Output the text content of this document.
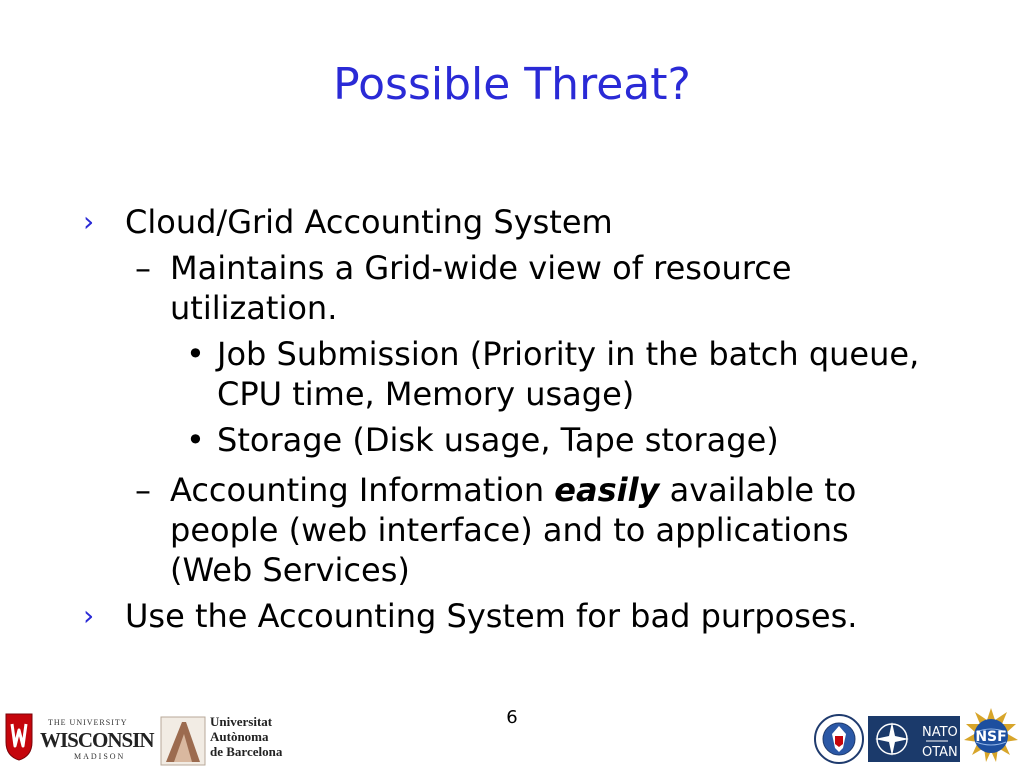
Possible Threat?
› Cloud/Grid Accounting System
– Maintains a Grid-wide view of resource utilization.
• Job Submission (Priority in the batch queue, CPU time, Memory usage)
• Storage (Disk usage, Tape storage)
– Accounting Information easily available to people (web interface) and to applications (Web Services)
› Use the Accounting System for bad purposes.
6
THE UNIVERSITY
WISCONSIN
MADISON
Universitat
Autònoma
de Barcelona
NATO
OTAN
NSF
